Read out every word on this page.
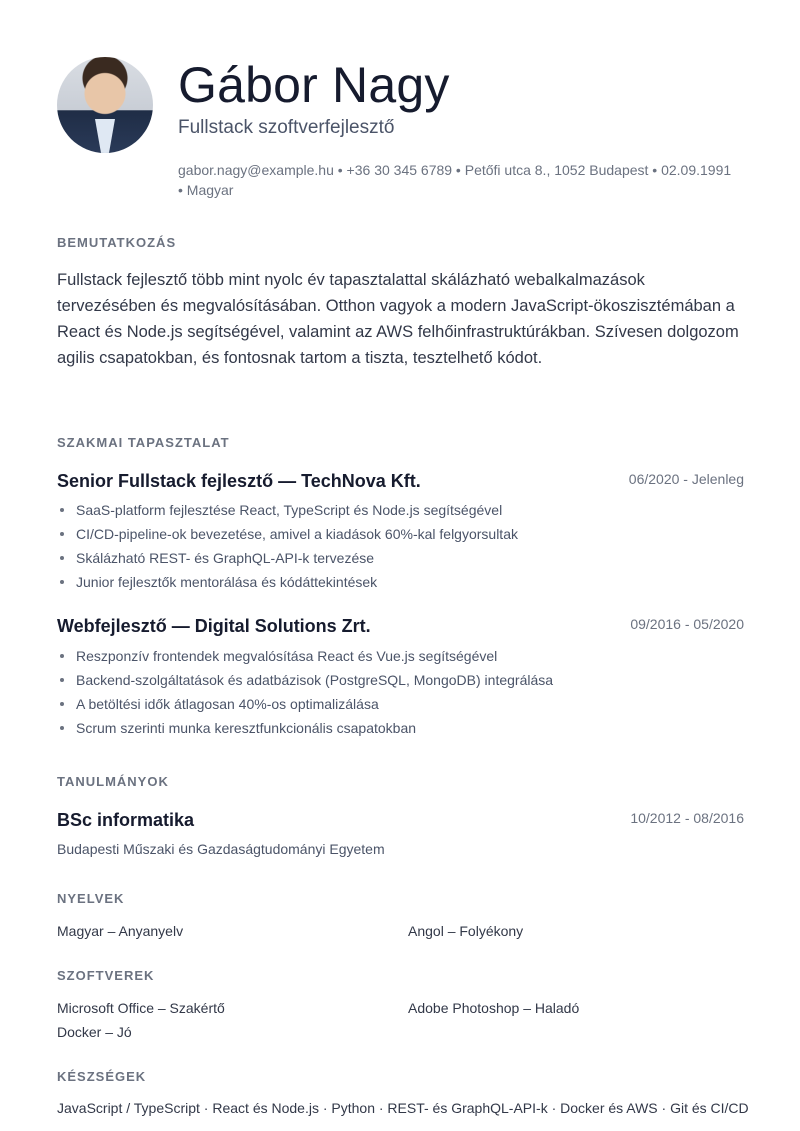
Gábor Nagy
Fullstack szoftverfejlesztő
gabor.nagy@example.hu • +36 30 345 6789 • Petőfi utca 8., 1052 Budapest • 02.09.1991 • Magyar
BEMUTATKOZÁS
Fullstack fejlesztő több mint nyolc év tapasztalattal skálázható webalkalmazások tervezésében és megvalósításában. Otthon vagyok a modern JavaScript-ökoszisztémában a React és Node.js segítségével, valamint az AWS felhőinfrastruktúrákban. Szívesen dolgozom agilis csapatokban, és fontosnak tartom a tiszta, tesztelhető kódot.
SZAKMAI TAPASZTALAT
Senior Fullstack fejlesztő — TechNova Kft.	06/2020 - Jelenleg
SaaS-platform fejlesztése React, TypeScript és Node.js segítségével
CI/CD-pipeline-ok bevezetése, amivel a kiadások 60%-kal felgyorsultak
Skálázható REST- és GraphQL-API-k tervezése
Junior fejlesztők mentorálása és kódáttekintések
Webfejlesztő — Digital Solutions Zrt.	09/2016 - 05/2020
Reszponzív frontendek megvalósítása React és Vue.js segítségével
Backend-szolgáltatások és adatbázisok (PostgreSQL, MongoDB) integrálása
A betöltési idők átlagosan 40%-os optimalizálása
Scrum szerinti munka keresztfunkcionális csapatokban
TANULMÁNYOK
BSc informatika	10/2012 - 08/2016
Budapesti Műszaki és Gazdaságtudományi Egyetem
NYELVEK
Magyar – Anyanyelv	Angol – Folyékony
SZOFTVEREK
Microsoft Office – Szakértő	Adobe Photoshop – Haladó
Docker – Jó
KÉSZSÉGEK
JavaScript / TypeScript · React és Node.js · Python · REST- és GraphQL-API-k · Docker és AWS · Git és CI/CD
